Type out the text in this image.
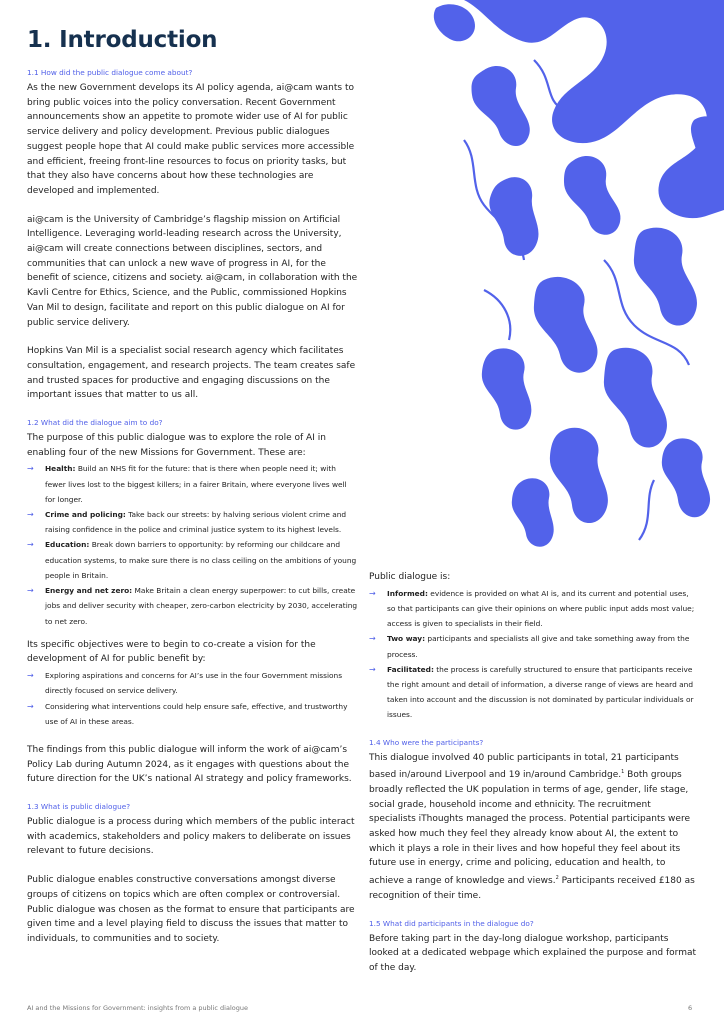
1. Introduction
1.1 How did the public dialogue come about?

As the new Government develops its AI policy agenda, ai@cam wants to bring public voices into the policy conversation. Recent Government announcements show an appetite to promote wider use of AI for public service delivery and policy development. Previous public dialogues suggest people hope that AI could make public services more accessible and efficient, freeing front-line resources to focus on priority tasks, but that they also have concerns about how these technologies are developed and implemented.

ai@cam is the University of Cambridge’s flagship mission on Artificial Intelligence. Leveraging world-leading research across the University, ai@cam will create connections between disciplines, sectors, and communities that can unlock a new wave of progress in AI, for the benefit of science, citizens and society. ai@cam, in collaboration with the Kavli Centre for Ethics, Science, and the Public, commissioned Hopkins Van Mil to design, facilitate and report on this public dialogue on AI for public service delivery.

Hopkins Van Mil is a specialist social research agency which facilitates consultation, engagement, and research projects. The team creates safe and trusted spaces for productive and engaging discussions on the important issues that matter to us all.

1.2 What did the dialogue aim to do?

The purpose of this public dialogue was to explore the role of AI in enabling four of the new Missions for Government. These are:

→ Health: Build an NHS fit for the future: that is there when people need it; with fewer lives lost to the biggest killers; in a fairer Britain, where everyone lives well for longer.
→ Crime and policing: Take back our streets: by halving serious violent crime and raising confidence in the police and criminal justice system to its highest levels.
→ Education: Break down barriers to opportunity: by reforming our childcare and education systems, to make sure there is no class ceiling on the ambitions of young people in Britain.
→ Energy and net zero: Make Britain a clean energy superpower: to cut bills, create jobs and deliver security with cheaper, zero-carbon electricity by 2030, accelerating to net zero.

Its specific objectives were to begin to co-create a vision for the development of AI for public benefit by:

→ Exploring aspirations and concerns for AI’s use in the four Government missions directly focused on service delivery.
→ Considering what interventions could help ensure safe, effective, and trustworthy use of AI in these areas.

The findings from this public dialogue will inform the work of ai@cam’s Policy Lab during Autumn 2024, as it engages with questions about the future direction for the UK’s national AI strategy and policy frameworks.

1.3 What is public dialogue?

Public dialogue is a process during which members of the public interact with academics, stakeholders and policy makers to deliberate on issues relevant to future decisions.

Public dialogue enables constructive conversations amongst diverse groups of citizens on topics which are often complex or controversial. Public dialogue was chosen as the format to ensure that participants are given time and a level playing field to discuss the issues that matter to individuals, to communities and to society.

Public dialogue is:

→ Informed: evidence is provided on what AI is, and its current and potential uses, so that participants can give their opinions on where public input adds most value; access is given to specialists in their field.
→ Two way: participants and specialists all give and take something away from the process.
→ Facilitated: the process is carefully structured to ensure that participants receive the right amount and detail of information, a diverse range of views are heard and taken into account and the discussion is not dominated by particular individuals or issues.
1.4 Who were the participants?

This dialogue involved 40 public participants in total, 21 participants based in/around Liverpool and 19 in/around Cambridge.$^1$ Both groups broadly reflected the UK population in terms of age, gender, life stage, social grade, household income and ethnicity. The recruitment specialists iThoughts managed the process. Potential participants were asked how much they feel they already know about AI, the extent to which it plays a role in their lives and how hopeful they feel about its future use in energy, crime and policing, education and health, to achieve a range of knowledge and views.$^2$ Participants received £180 as recognition of their time.

1.5 What did participants in the dialogue do?

Before taking part in the day-long dialogue workshop, participants looked at a dedicated webpage which explained the purpose and format of the day.

AI and the Missions for Government: insights from a public dialogue	6
